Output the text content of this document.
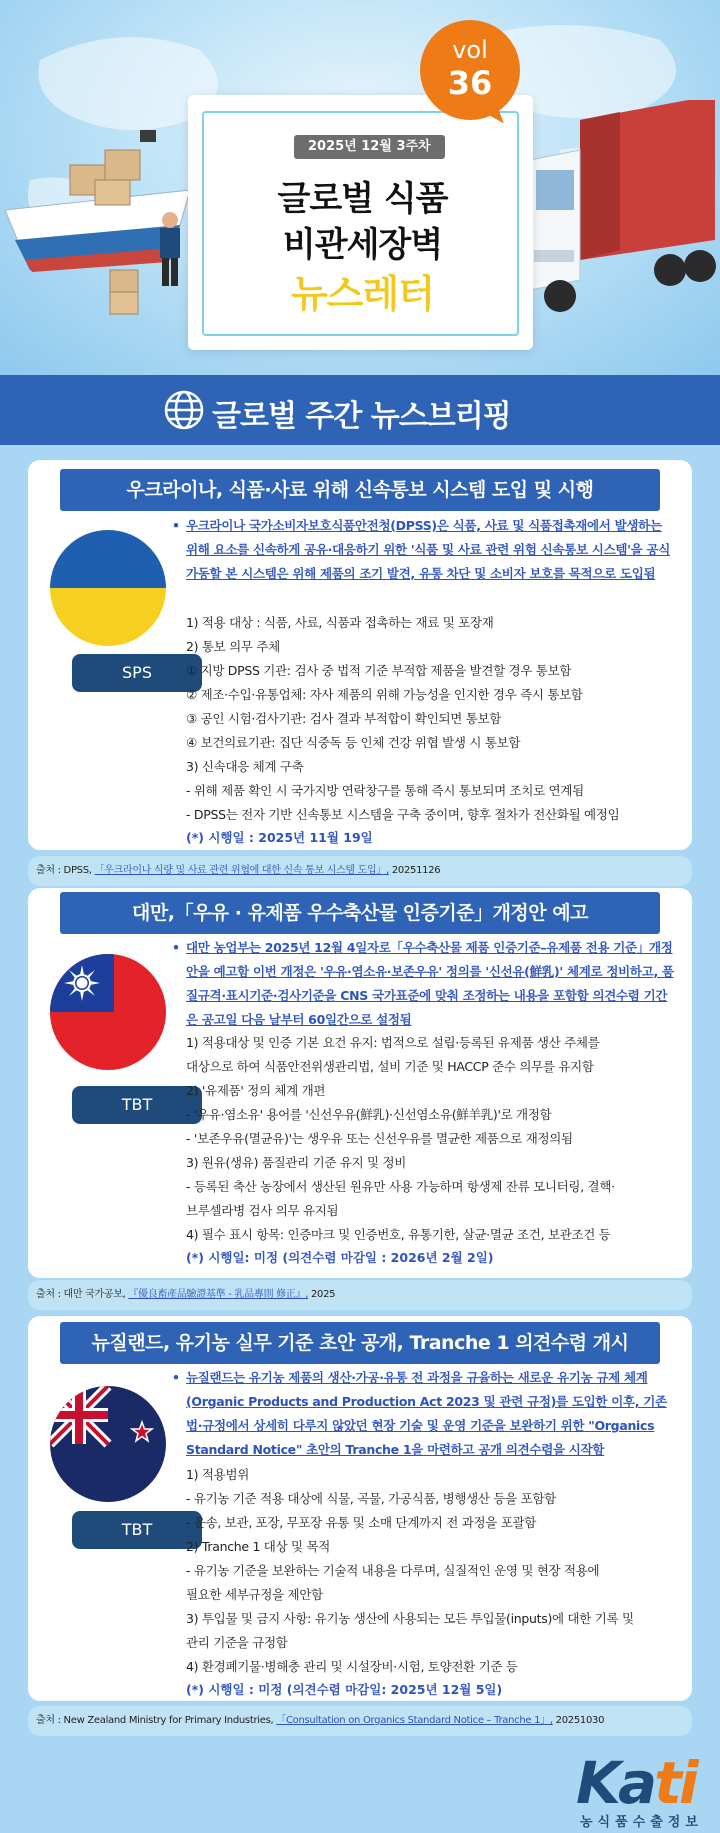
2025년 12월 3주차
글로벌 식품
비관세장벽
뉴스레터
vol
36
글로벌 주간 뉴스브리핑
우크라이나, 식품·사료 위해 신속통보 시스템 도입 및 시행
SPS
• 우크라이나 국가소비자보호식품안전청(DPSS)은 식품, 사료 및 식품접촉재에서 발생하는 위해 요소를 신속하게 공유·대응하기 위한 '식품 및 사료 관련 위험 신속통보 시스템'을 공식 가동할 본 시스템은 위해 제품의 조기 발견, 유통 차단 및 소비자 보호를 목적으로 도입됨
1) 적용 대상 : 식품, 사료, 식품과 접촉하는 재료 및 포장재
2) 통보 의무 주체
① 지방 DPSS 기관: 검사 중 법적 기준 부적합 제품을 발견할 경우 통보함
② 제조·수입·유통업체: 자사 제품의 위해 가능성을 인지한 경우 즉시 통보함
③ 공인 시험·검사기관: 검사 결과 부적합이 확인되면 통보함
④ 보건의료기관: 집단 식중독 등 인체 건강 위협 발생 시 통보함
3) 신속대응 체계 구축
- 위해 제품 확인 시 국가지방 연락창구를 통해 즉시 통보되며 조치로 연계됨
- DPSS는 전자 기반 신속통보 시스템을 구축 중이며, 향후 절차가 전산화될 예정임
(*) 시행일 : 2025년 11월 19일
출처 : DPSS, 「우크라이나 식량 및 사료 관련 위협에 대한 신속 통보 시스템 도입」, 20251126
대만,「우유 · 유제품 우수축산물 인증기준」개정안 예고
TBT
• 대만 농업부는 2025년 12월 4일자로「우수축산물 제품 인증기준–유제품 전용 기준」개정안을 예고함 이번 개정은 '우유·염소유·보존우유' 정의를 '신선유(鮮乳)' 체계로 정비하고, 품질규격·표시기준·검사기준을 CNS 국가표준에 맞춰 조정하는 내용을 포함함 의견수렴 기간은 공고일 다음 날부터 60일간으로 설정됨
1) 적용대상 및 인증 기본 요건 유지: 법적으로 설립·등록된 유제품 생산 주체를
대상으로 하여 식품안전위생관리법, 설비 기준 및 HACCP 준수 의무를 유지함
2) '유제품' 정의 체계 개편
- '우유·염소유' 용어를 '신선우유(鮮乳)·신선염소유(鮮羊乳)'로 개정함
- '보존우유(멸균유)'는 생우유 또는 신선우유를 멸균한 제품으로 재정의됨
3) 원유(생유) 품질관리 기준 유지 및 정비
- 등록된 축산 농장에서 생산된 원유만 사용 가능하며 항생제 잔류 모니터링, 결핵·
브루셀라병 검사 의무 유지됨
4) 필수 표시 항목: 인증마크 및 인증번호, 유통기한, 살균·멸균 조건, 보관조건 등
(*) 시행일: 미정 (의견수렴 마감일 : 2026년 2월 2일)
출처 : 대만 국가공보, 『優良畜產品驗證基準 - 乳品專則 修正』, 2025
뉴질랜드, 유기농 실무 기준 초안 공개, Tranche 1 의견수렴 개시
TBT
• 뉴질랜드는 유기농 제품의 생산·가공·유통 전 과정을 규율하는 새로운 유기농 규제 체계(Organic Products and Production Act 2023 및 관련 규정)를 도입한 이후, 기존 법·규정에서 상세히 다루지 않았던 현장 기술 및 운영 기준을 보완하기 위한 "Organics Standard Notice" 초안의 Tranche 1을 마련하고 공개 의견수렴을 시작함
1) 적용범위
- 유기농 기준 적용 대상에 식물, 곡물, 가공식품, 병행생산 등을 포함함
- 운송, 보관, 포장, 무포장 유통 및 소매 단계까지 전 과정을 포괄함
2) Tranche 1 대상 및 목적
- 유기농 기준을 보완하는 기술적 내용을 다루며, 실질적인 운영 및 현장 적용에
필요한 세부규정을 제안함
3) 투입물 및 금지 사항: 유기농 생산에 사용되는 모든 투입물(inputs)에 대한 기록 및
관리 기준을 규정함
4) 환경폐기물·병해충 관리 및 시설장비·시험, 토양전환 기준 등
(*) 시행일 : 미정 (의견수렴 마감일: 2025년 12월 5일)
출처 : New Zealand Ministry for Primary Industries, 「Consultation on Organics Standard Notice – Tranche 1」, 20251030
Kati
농식품수출정보
